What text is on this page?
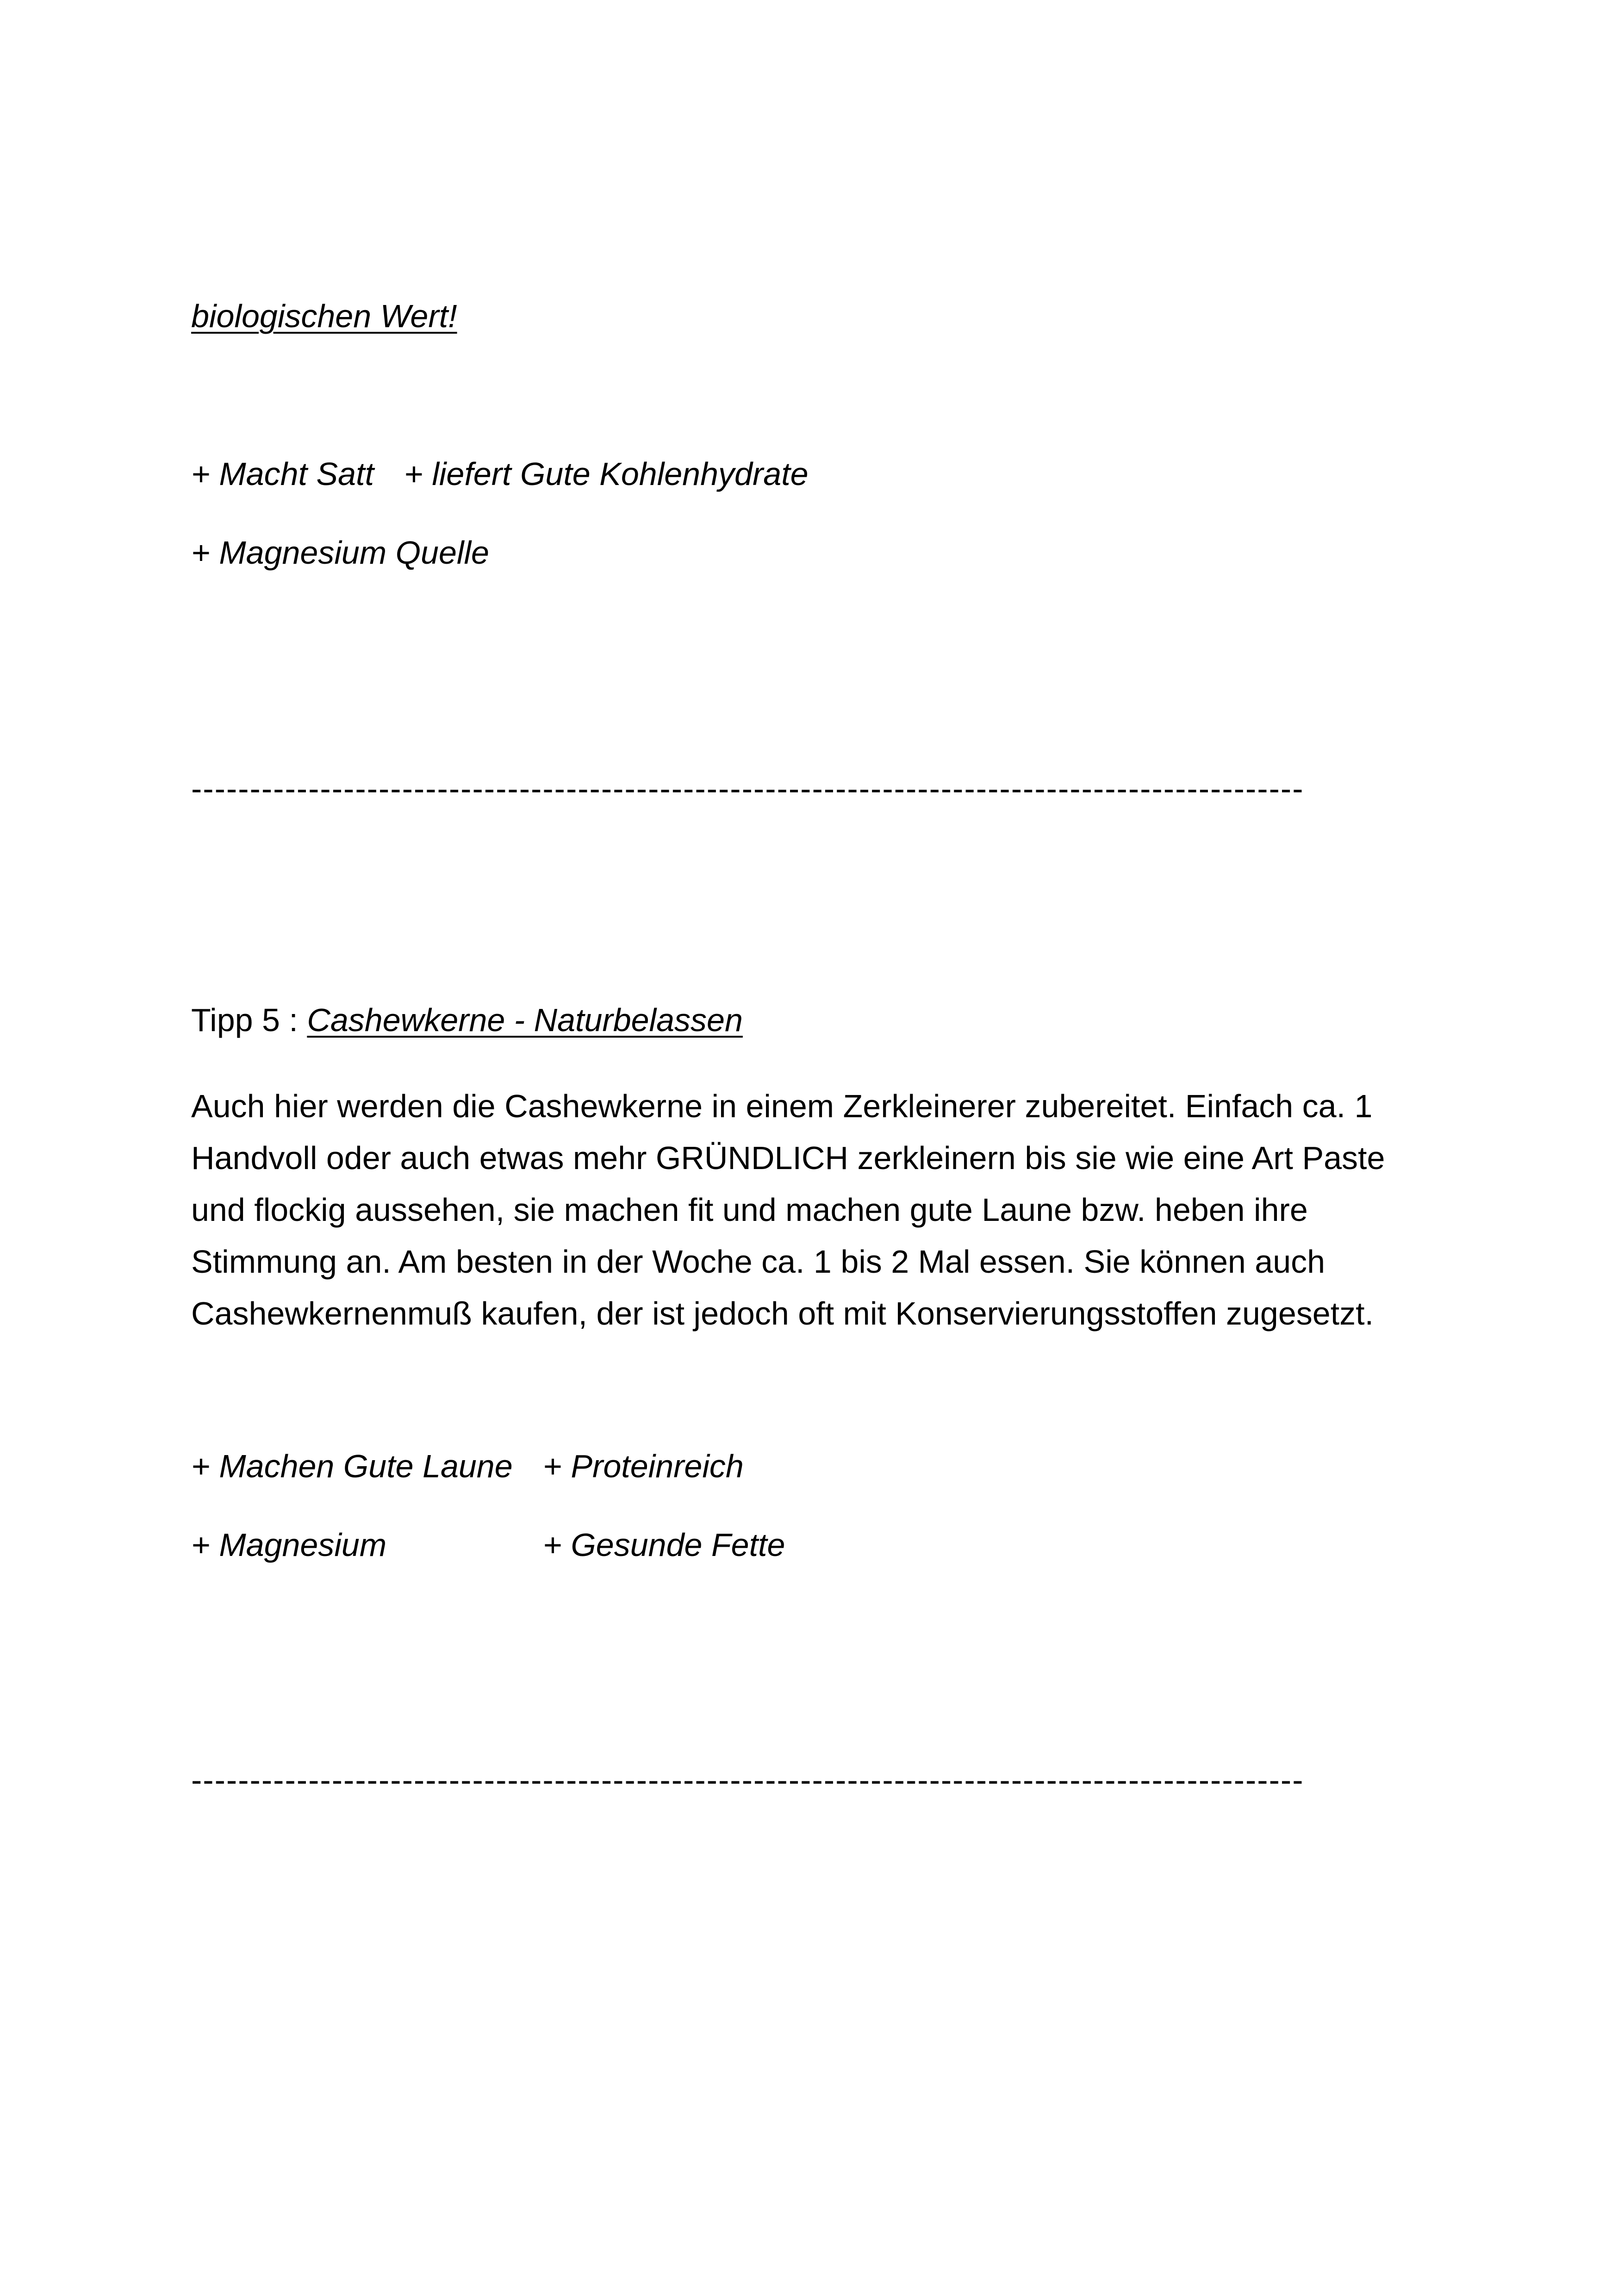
biologischen Wert!
+ Macht Satt + liefert Gute Kohlenhydrate
+ Magnesium Quelle
-----------------------------------------------------------------------------------------------
Tipp 5 : Cashewkerne - Naturbelassen

Auch hier werden die Cashewkerne in einem Zerkleinerer zubereitet. Einfach ca. 1

Handvoll oder auch etwas mehr GRÜNDLICH zerkleinern bis sie wie eine Art Paste

und flockig aussehen, sie machen fit und machen gute Laune bzw. heben ihre

Stimmung an. Am besten in der Woche ca. 1 bis 2 Mal essen. Sie können auch

Cashewkernenmuß kaufen, der ist jedoch oft mit Konservierungsstoffen zugesetzt.

+ Machen Gute Laune + Proteinreich
+ Magnesium	+ Gesunde Fette
-----------------------------------------------------------------------------------------------
